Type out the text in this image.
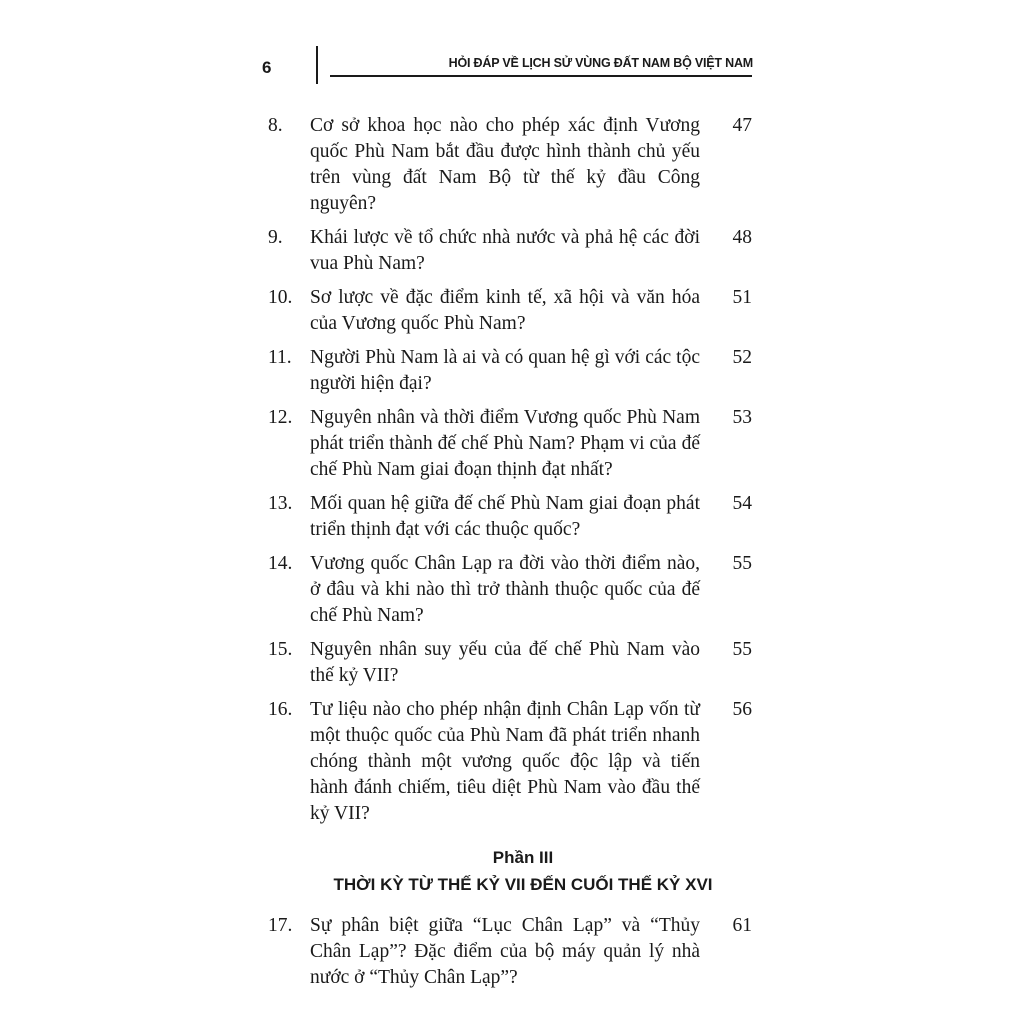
6	HỎI ĐÁP VỀ LỊCH SỬ VÙNG ĐẤT NAM BỘ VIỆT NAM
8.	Cơ sở khoa học nào cho phép xác định Vương quốc Phù Nam bắt đầu được hình thành chủ yếu trên vùng đất Nam Bộ từ thế kỷ đầu Công nguyên?
47
9.	Khái lược về tổ chức nhà nước và phả hệ các đời vua Phù Nam?
48
10. Sơ lược về đặc điểm kinh tế, xã hội và văn hóa của Vương quốc Phù Nam?
51
11. Người Phù Nam là ai và có quan hệ gì với các tộc người hiện đại?
52
12. Nguyên nhân và thời điểm Vương quốc Phù Nam phát triển thành đế chế Phù Nam? Phạm vi của đế chế Phù Nam giai đoạn thịnh đạt nhất?
53
13. Mối quan hệ giữa đế chế Phù Nam giai đoạn phát triển thịnh đạt với các thuộc quốc?
54
14. Vương quốc Chân Lạp ra đời vào thời điểm nào, ở đâu và khi nào thì trở thành thuộc quốc của đế chế Phù Nam?
55
15. Nguyên nhân suy yếu của đế chế Phù Nam vào thế kỷ VII?
55
16. Tư liệu nào cho phép nhận định Chân Lạp vốn từ một thuộc quốc của Phù Nam đã phát triển nhanh chóng thành một vương quốc độc lập và tiến hành đánh chiếm, tiêu diệt Phù Nam vào đầu thế kỷ VII?
56
Phần III
THỜI KỲ TỪ THẾ KỶ VII ĐẾN CUỐI THẾ KỶ XVI
17. Sự phân biệt giữa “Lục Chân Lạp” và “Thủy Chân Lạp”? Đặc điểm của bộ máy quản lý nhà nước ở “Thủy Chân Lạp”?
61
